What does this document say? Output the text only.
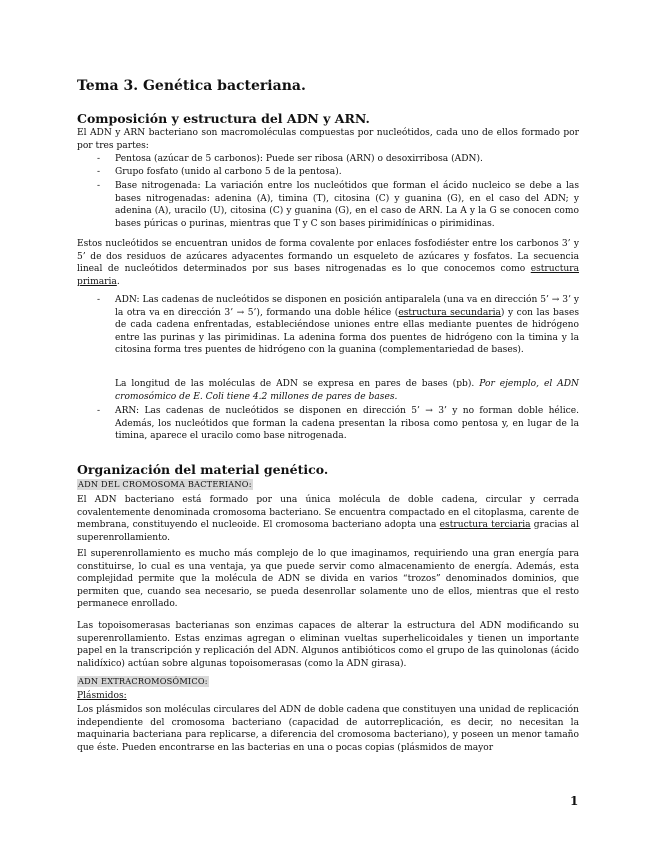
Tema 3. Genética bacteriana.
Composición y estructura del ADN y ARN.

El ADN y ARN bacteriano son macromoléculas compuestas por nucleótidos, cada uno de ellos formado por por tres partes:

- Pentosa (azúcar de 5 carbonos): Puede ser ribosa (ARN) o desoxirribosa (ADN).

- Grupo fosfato (unido al carbono 5 de la pentosa).

- Base nitrogenada: La variación entre los nucleótidos que forman el ácido nucleico se debe a las bases nitrogenadas: adenina (A), timina (T), citosina (C) y guanina (G), en el caso del ADN; y adenina (A), uracilo (U), citosina (C) y guanina (G), en el caso de ARN. La A y la G se conocen como bases púricas o purinas, mientras que T y C son bases pirimidínicas o pirimidinas.

Estos nucleótidos se encuentran unidos de forma covalente por enlaces fosfodiéster entre los carbonos 3’ y 5’ de dos residuos de azúcares adyacentes formando un esqueleto de azúcares y fosfatos. La secuencia lineal de nucleótidos determinados por sus bases nitrogenadas es lo que conocemos como estructura primaria.

- ADN: Las cadenas de nucleótidos se disponen en posición antiparalela (una va en dirección 5’ → 3’ y la otra va en dirección 3’ → 5’), formando una doble hélice (estructura secundaria) y con las bases de cada cadena enfrentadas, estableciéndose uniones entre ellas mediante puentes de hidrógeno entre las purinas y las pirimidinas. La adenina forma dos puentes de hidrógeno con la timina y la citosina forma tres puentes de hidrógeno con la guanina (complementariedad de bases).

La longitud de las moléculas de ADN se expresa en pares de bases (pb). Por ejemplo, el ADN cromosómico de E. Coli tiene 4.2 millones de pares de bases.

- ARN: Las cadenas de nucleótidos se disponen en dirección 5’ → 3’ y no forman doble hélice. Además, los nucleótidos que forman la cadena presentan la ribosa como pentosa y, en lugar de la timina, aparece el uracilo como base nitrogenada.

Organización del material genético.
ADN DEL CROMOSOMA BACTERIANO:

El ADN bacteriano está formado por una única molécula de doble cadena, circular y cerrada covalentemente denominada cromosoma bacteriano. Se encuentra compactado en el citoplasma, carente de membrana, constituyendo el nucleoide. El cromosoma bacteriano adopta una estructura terciaria gracias al superenrollamiento.

El superenrollamiento es mucho más complejo de lo que imaginamos, requiriendo una gran energía para constituirse, lo cual es una ventaja, ya que puede servir como almacenamiento de energía. Además, esta complejidad permite que la molécula de ADN se divida en varios “trozos” denominados dominios, que permiten que, cuando sea necesario, se pueda desenrollar solamente uno de ellos, mientras que el resto permanece enrollado.

Las topoisomerasas bacterianas son enzimas capaces de alterar la estructura del ADN modificando su superenrollamiento. Estas enzimas agregan o eliminan vueltas superhelicoidales y tienen un importante papel en la transcripción y replicación del ADN. Algunos antibióticos como el grupo de las quinolonas (ácido nalidíxico) actúan sobre algunas topoisomerasas (como la ADN girasa).

ADN EXTRACROMOSÓMICO:

Plásmidos:

Los plásmidos son moléculas circulares del ADN de doble cadena que constituyen una unidad de replicación independiente del cromosoma bacteriano (capacidad de autorreplicación, es decir, no necesitan la maquinaria bacteriana para replicarse, a diferencia del cromosoma bacteriano), y poseen un menor tamaño que éste. Pueden encontrarse en las bacterias en una o pocas copias (plásmidos de mayor

1
